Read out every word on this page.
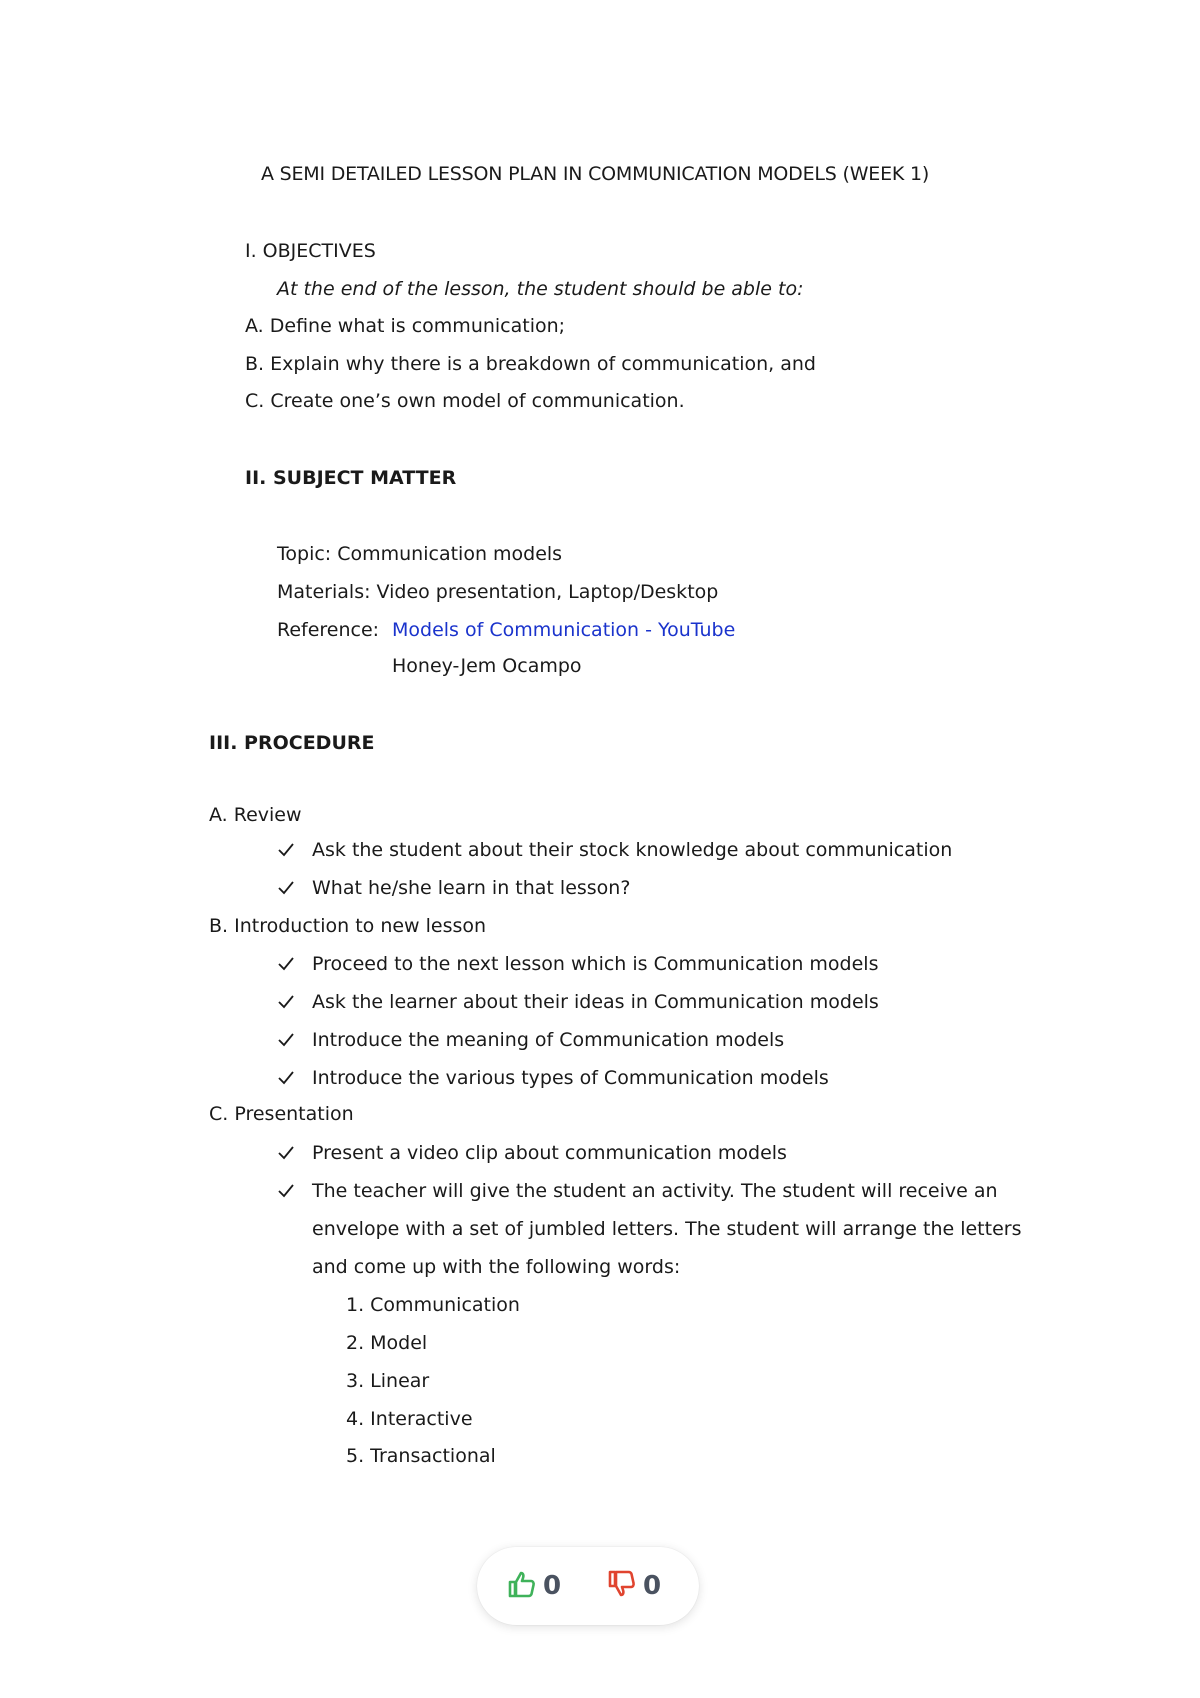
A SEMI DETAILED LESSON PLAN IN COMMUNICATION MODELS (WEEK 1)
I. OBJECTIVES
At the end of the lesson, the student should be able to:
A. Define what is communication;
B. Explain why there is a breakdown of communication, and
C. Create one’s own model of communication.
II. SUBJECT MATTER
Topic: Communication models
Materials: Video presentation, Laptop/Desktop
Reference: Models of Communication - YouTube
Honey-Jem Ocampo
III. PROCEDURE
A. Review
Ask the student about their stock knowledge about communication
What he/she learn in that lesson?
B. Introduction to new lesson
Proceed to the next lesson which is Communication models
Ask the learner about their ideas in Communication models
Introduce the meaning of Communication models
Introduce the various types of Communication models
C. Presentation
Present a video clip about communication models
The teacher will give the student an activity. The student will receive an
envelope with a set of jumbled letters. The student will arrange the letters
and come up with the following words:
1. Communication
2. Model
3. Linear
4. Interactive
5. Transactional
0	0
